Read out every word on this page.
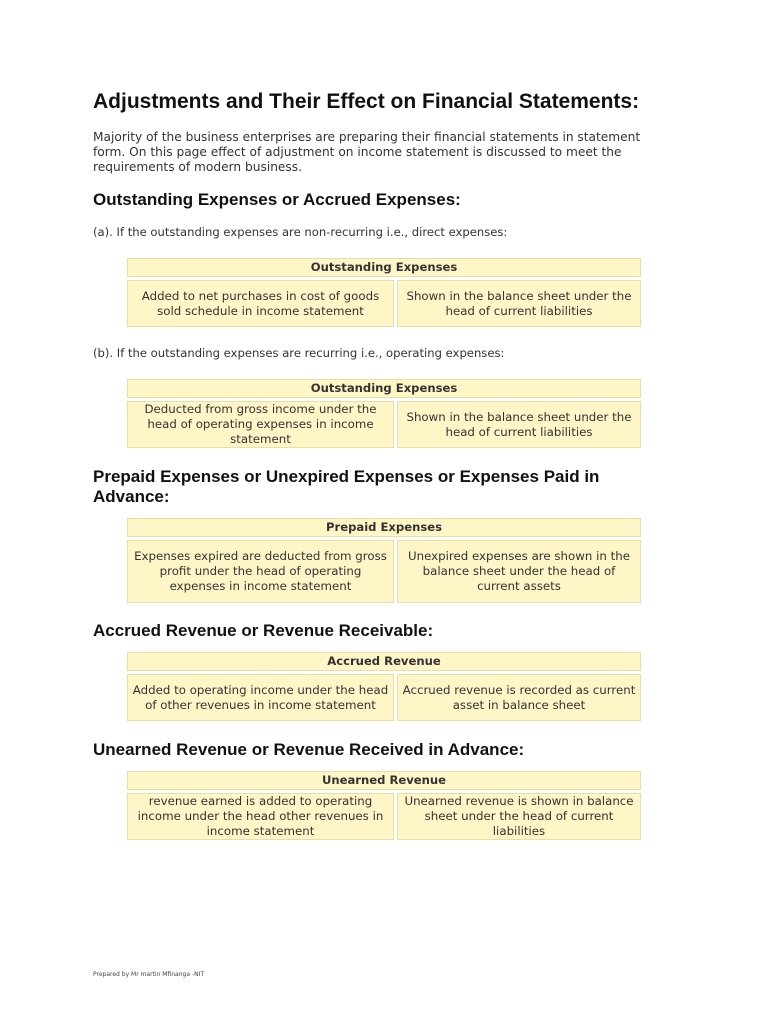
Adjustments and Their Effect on Financial Statements:

Majority of the business enterprises are preparing their financial statements in statement form. On this page effect of adjustment on income statement is discussed to meet the requirements of modern business.

Outstanding Expenses or Accrued Expenses:

(a). If the outstanding expenses are non-recurring i.e., direct expenses:

Outstanding Expenses
Added to net purchases in cost of goods sold schedule in income statement
Shown in the balance sheet under the head of current liabilities

(b). If the outstanding expenses are recurring i.e., operating expenses:

Outstanding Expenses
Deducted from gross income under the head of operating expenses in income statement
Shown in the balance sheet under the head of current liabilities
Prepaid Expenses or Unexpired Expenses or Expenses Paid in Advance:
Prepaid Expenses
Expenses expired are deducted from gross profit under the head of operating expenses in income statement
Unexpired expenses are shown in the balance sheet under the head of current assets
Accrued Revenue or Revenue Receivable:
Accrued Revenue
Added to operating income under the head of other revenues in income statement
Accrued revenue is recorded as current asset in balance sheet
Unearned Revenue or Revenue Received in Advance:
Unearned Revenue
revenue earned is added to operating income under the head other revenues in income statement
Unearned revenue is shown in balance sheet under the head of current liabilities
Prepared by Mr martin Mfinanga -NIT
